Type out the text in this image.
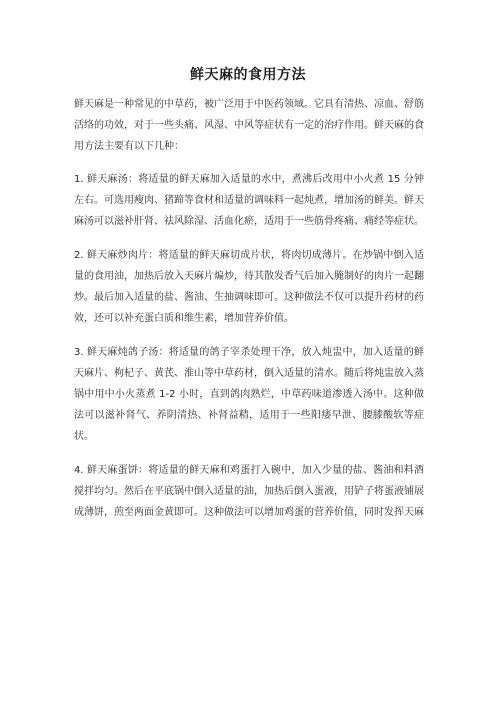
鲜天麻的食用方法

鲜天麻是一种常见的中草药，被广泛用于中医药领域。它具有清热、凉血、舒筋活络的功效，对于一些头痛、风湿、中风等症状有一定的治疗作用。鲜天麻的食用方法主要有以下几种：

1. 鲜天麻汤：将适量的鲜天麻加入适量的水中，煮沸后改用中小火煮 15 分钟左右。可选用瘦肉、猪蹄等食材和适量的调味料一起炖煮，增加汤的鲜美。鲜天麻汤可以滋补肝肾、祛风除湿、活血化瘀，适用于一些筋骨疼痛、痛经等症状。

2. 鲜天麻炒肉片：将适量的鲜天麻切成片状，将肉切成薄片。在炒锅中倒入适量的食用油，加热后放入天麻片煸炒，待其散发香气后加入腌制好的肉片一起翻炒。最后加入适量的盐、酱油、生抽调味即可。这种做法不仅可以提升药材的药效，还可以补充蛋白质和维生素，增加营养价值。

3. 鲜天麻炖鸽子汤：将适量的鸽子宰杀处理干净，放入炖盅中，加入适量的鲜天麻片、枸杞子、黄芪、淮山等中草药材，倒入适量的清水。随后将炖盅放入蒸锅中用中小火蒸煮 1-2 小时，直到鸽肉熟烂，中草药味道渗透入汤中。这种做法可以滋补肾气、养阴清热、补肾益精，适用于一些阳痿早泄、腰膝酸软等症状。

4. 鲜天麻蛋饼：将适量的鲜天麻和鸡蛋打入碗中，加入少量的盐、酱油和料酒搅拌均匀。然后在平底锅中倒入适量的油，加热后倒入蛋液，用铲子将蛋液铺展成薄饼，煎至两面金黄即可。这种做法可以增加鸡蛋的营养价值，同时发挥天麻
